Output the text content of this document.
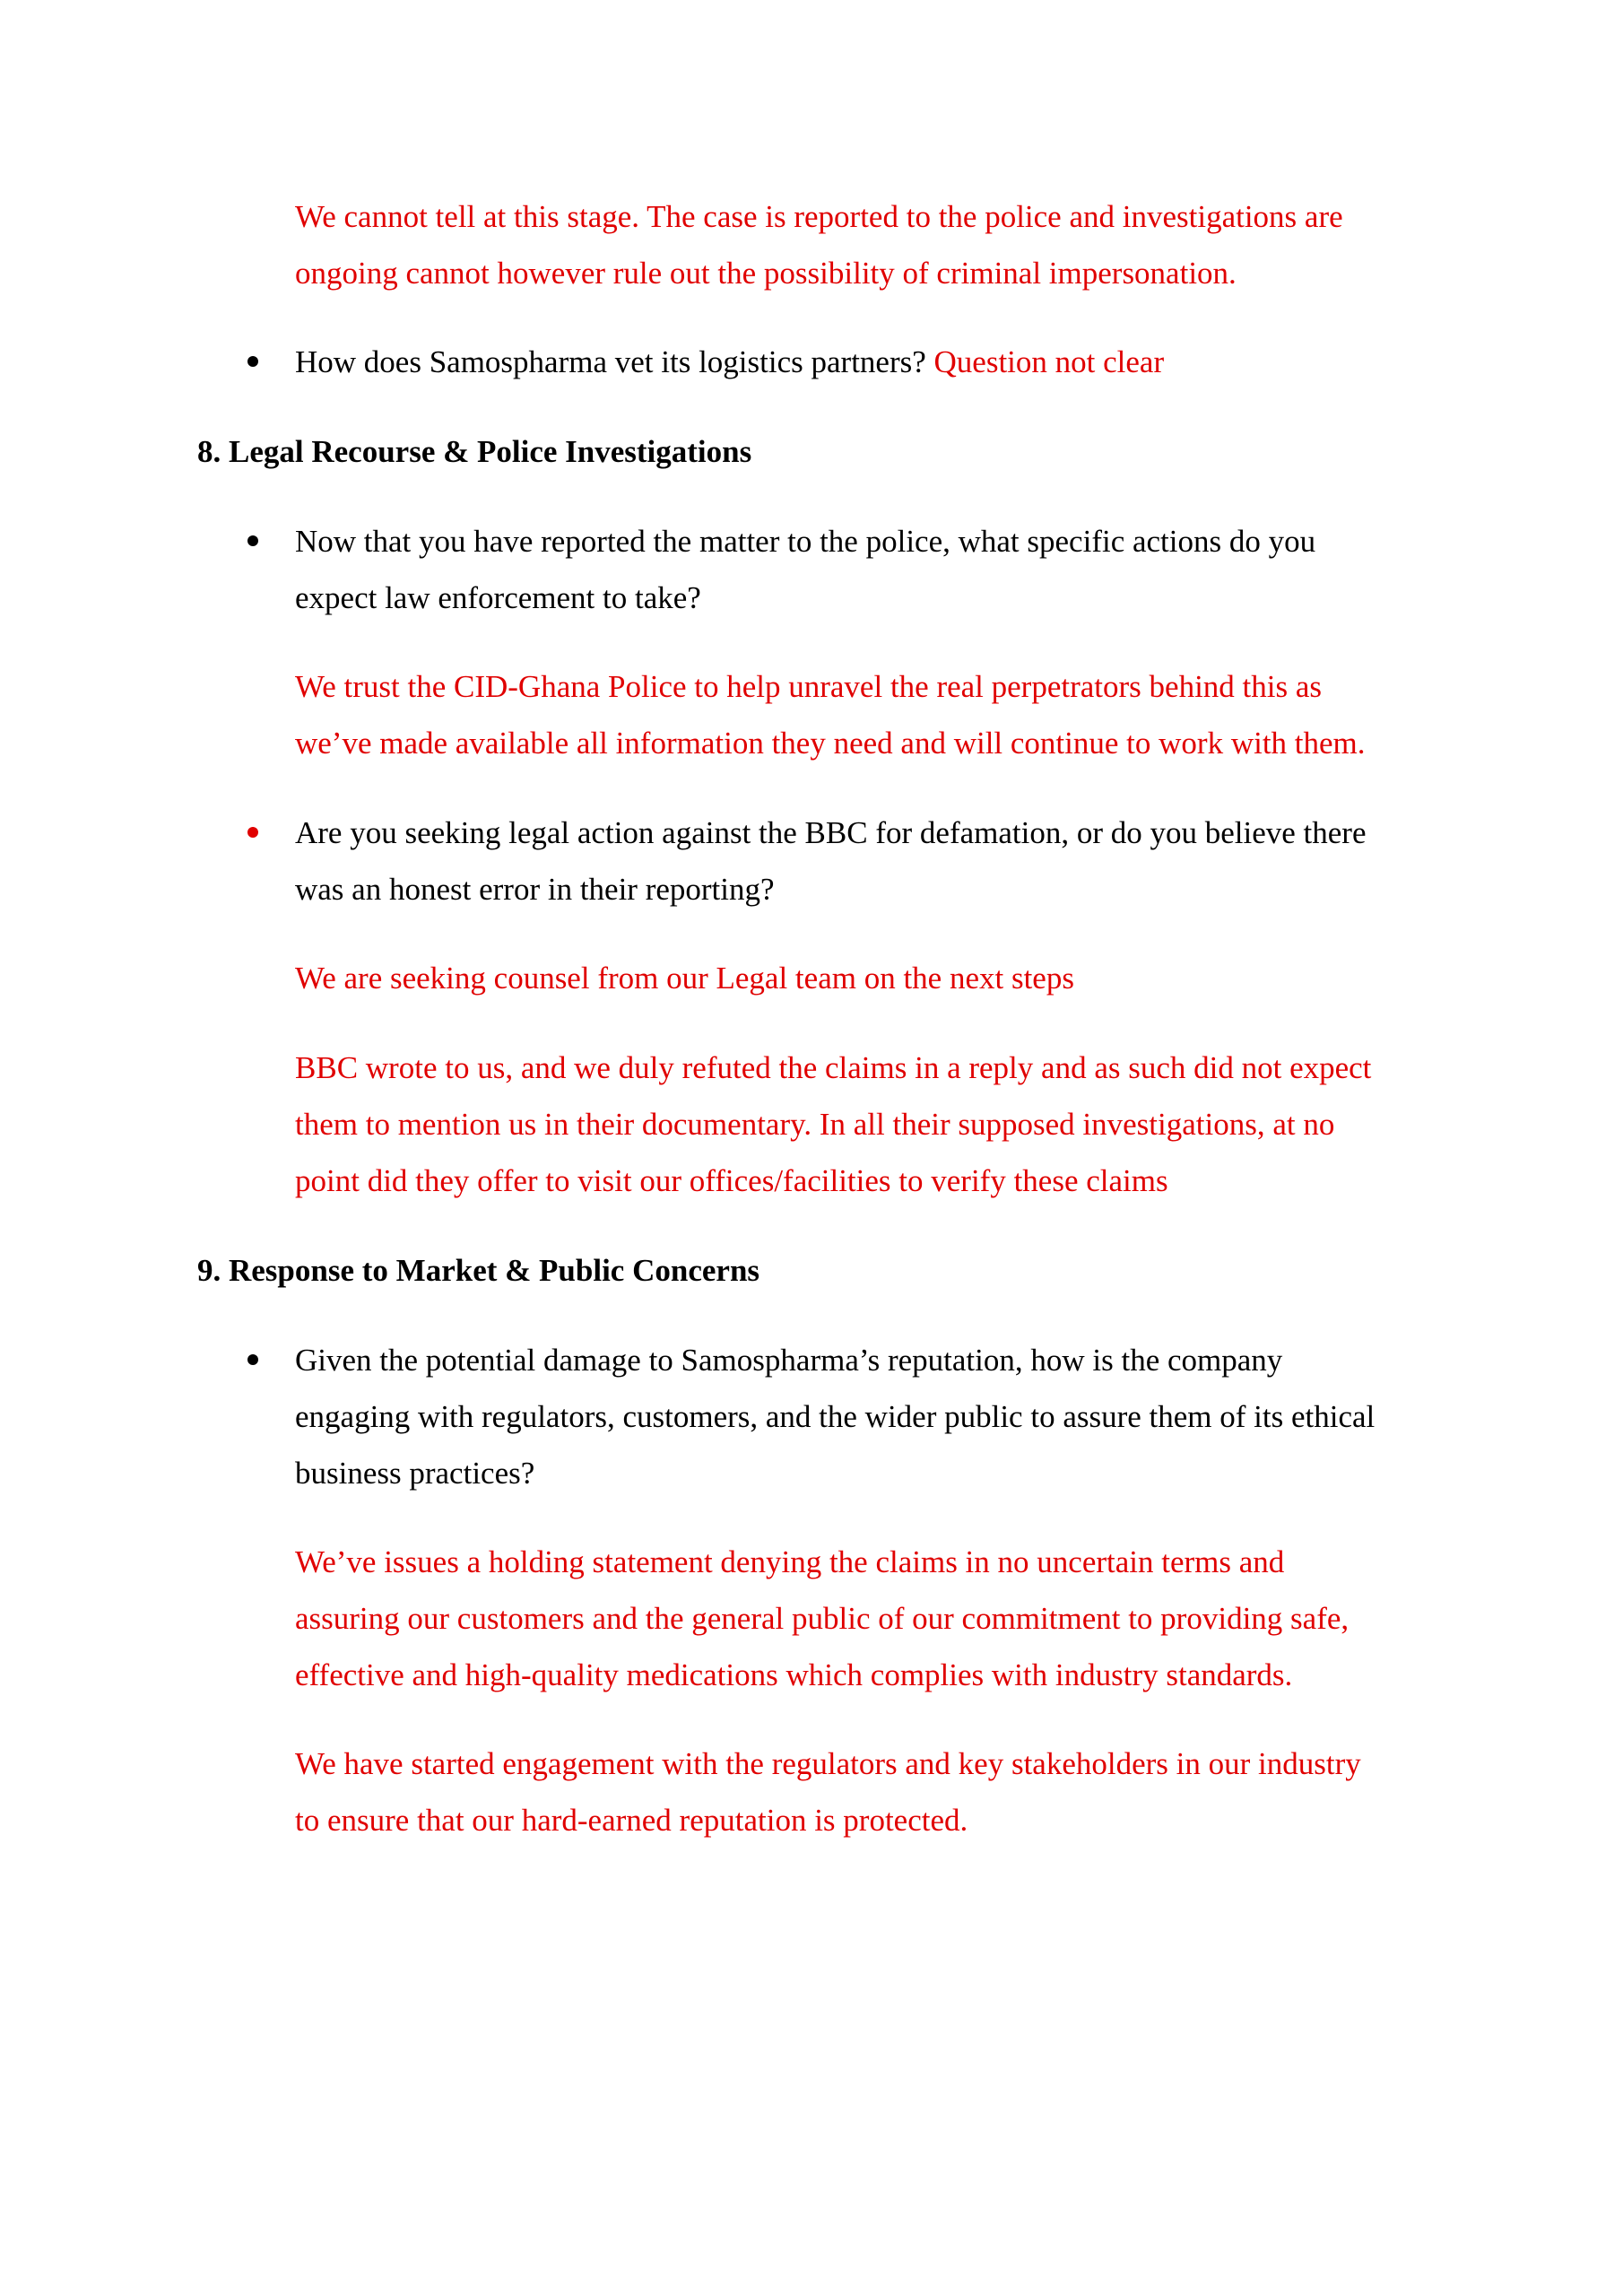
We cannot tell at this stage. The case is reported to the police and investigations are
ongoing cannot however rule out the possibility of criminal impersonation.

How does Samospharma vet its logistics partners? Question not clear

8. Legal Recourse & Police Investigations

Now that you have reported the matter to the police, what specific actions do you
expect law enforcement to take?

We trust the CID-Ghana Police to help unravel the real perpetrators behind this as
we’ve made available all information they need and will continue to work with them.

Are you seeking legal action against the BBC for defamation, or do you believe there
was an honest error in their reporting?

We are seeking counsel from our Legal team on the next steps

BBC wrote to us, and we duly refuted the claims in a reply and as such did not expect
them to mention us in their documentary. In all their supposed investigations, at no
point did they offer to visit our offices/facilities to verify these claims

9. Response to Market & Public Concerns

Given the potential damage to Samospharma’s reputation, how is the company
engaging with regulators, customers, and the wider public to assure them of its ethical
business practices?

We’ve issues a holding statement denying the claims in no uncertain terms and
assuring our customers and the general public of our commitment to providing safe,
effective and high-quality medications which complies with industry standards.

We have started engagement with the regulators and key stakeholders in our industry
to ensure that our hard-earned reputation is protected.
